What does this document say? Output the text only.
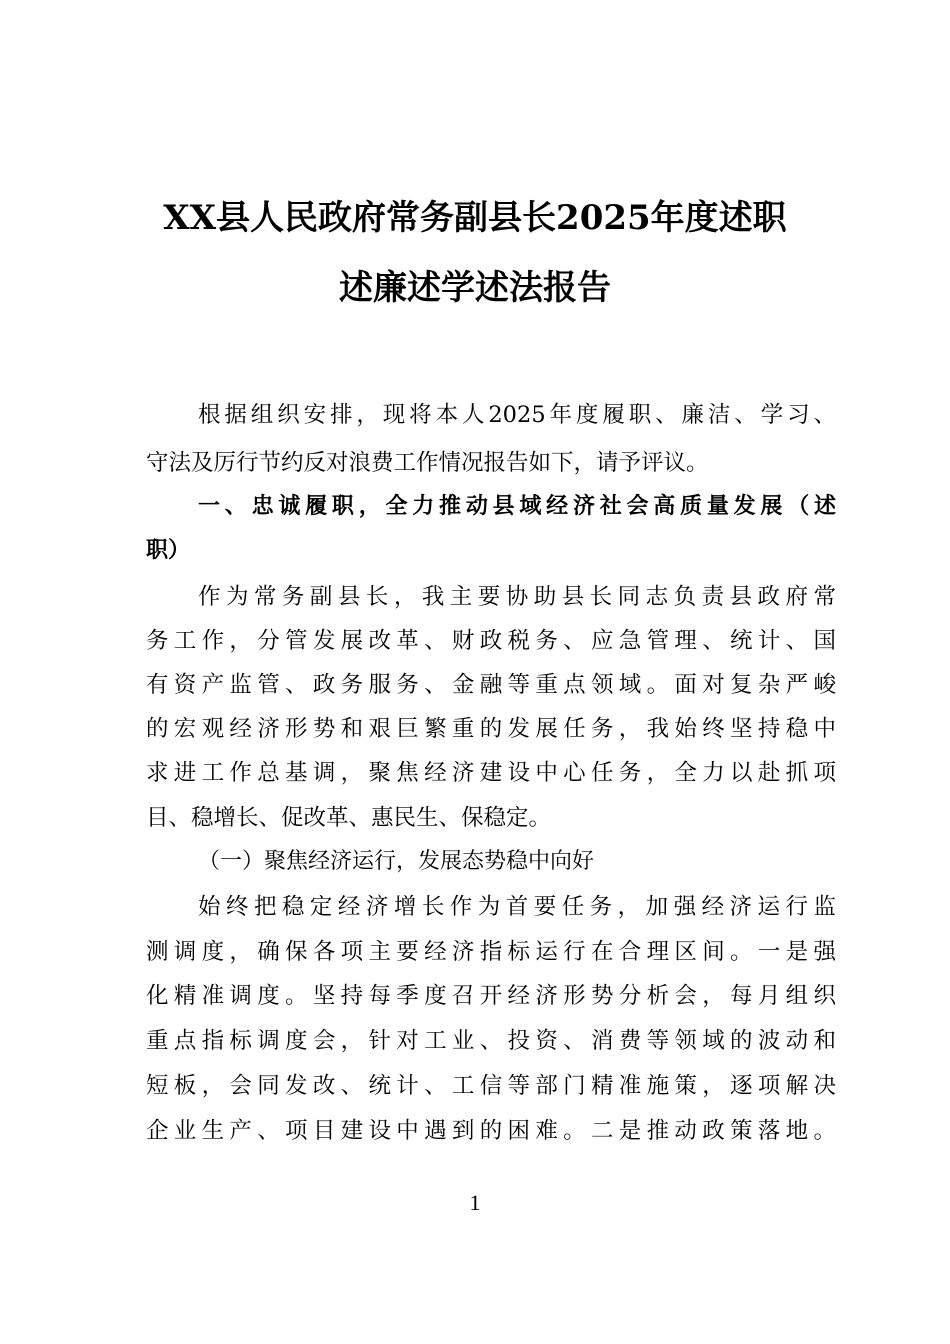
XX县人民政府常务副县长2025年度述职
述廉述学述法报告
根据组织安排，现将本人2025年度履职、廉洁、学习、
守法及厉行节约反对浪费工作情况报告如下，请予评议。
一、忠诚履职，全力推动县域经济社会高质量发展（述
职）
作为常务副县长，我主要协助县长同志负责县政府常
务工作，分管发展改革、财政税务、应急管理、统计、国
有资产监管、政务服务、金融等重点领域。面对复杂严峻
的宏观经济形势和艰巨繁重的发展任务，我始终坚持稳中
求进工作总基调，聚焦经济建设中心任务，全力以赴抓项
目、稳增长、促改革、惠民生、保稳定。
（一）聚焦经济运行，发展态势稳中向好
始终把稳定经济增长作为首要任务，加强经济运行监
测调度，确保各项主要经济指标运行在合理区间。一是强
化精准调度。坚持每季度召开经济形势分析会，每月组织
重点指标调度会，针对工业、投资、消费等领域的波动和
短板，会同发改、统计、工信等部门精准施策，逐项解决
企业生产、项目建设中遇到的困难。二是推动政策落地。
1
